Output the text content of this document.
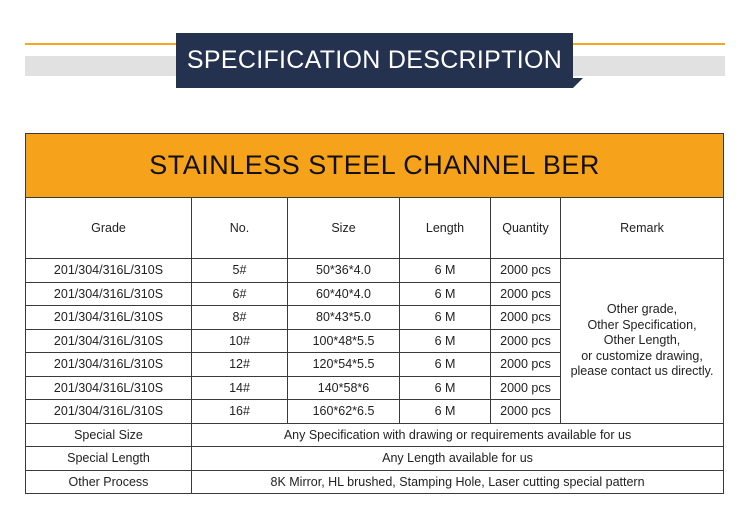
SPECIFICATION DESCRIPTION
STAINLESS STEEL CHANNEL BER					
Grade	No.	Size	Length	Quantity	Remark
201/304/316L/310S	5#	50*36*4.0	6 M	2000 pcs	Other grade,
Other Specification,
Other Length,
or customize drawing,
please contact us directly.

201/304/316L/310S	6#	60*40*4.0	6 M	2000 pcs	
201/304/316L/310S	8#	80*43*5.0	6 M	2000 pcs	
201/304/316L/310S	10#	100*48*5.5	6 M	2000 pcs	
201/304/316L/310S	12#	120*54*5.5	6 M	2000 pcs	
201/304/316L/310S	14#	140*58*6	6 M	2000 pcs	
201/304/316L/310S	16#	160*62*6.5	6 M	2000 pcs	
Special Size	Any Specification with drawing or requirements available for us				
Special Length	Any Length available for us				
Other Process	8K Mirror, HL brushed, Stamping Hole, Laser cutting special pattern				
